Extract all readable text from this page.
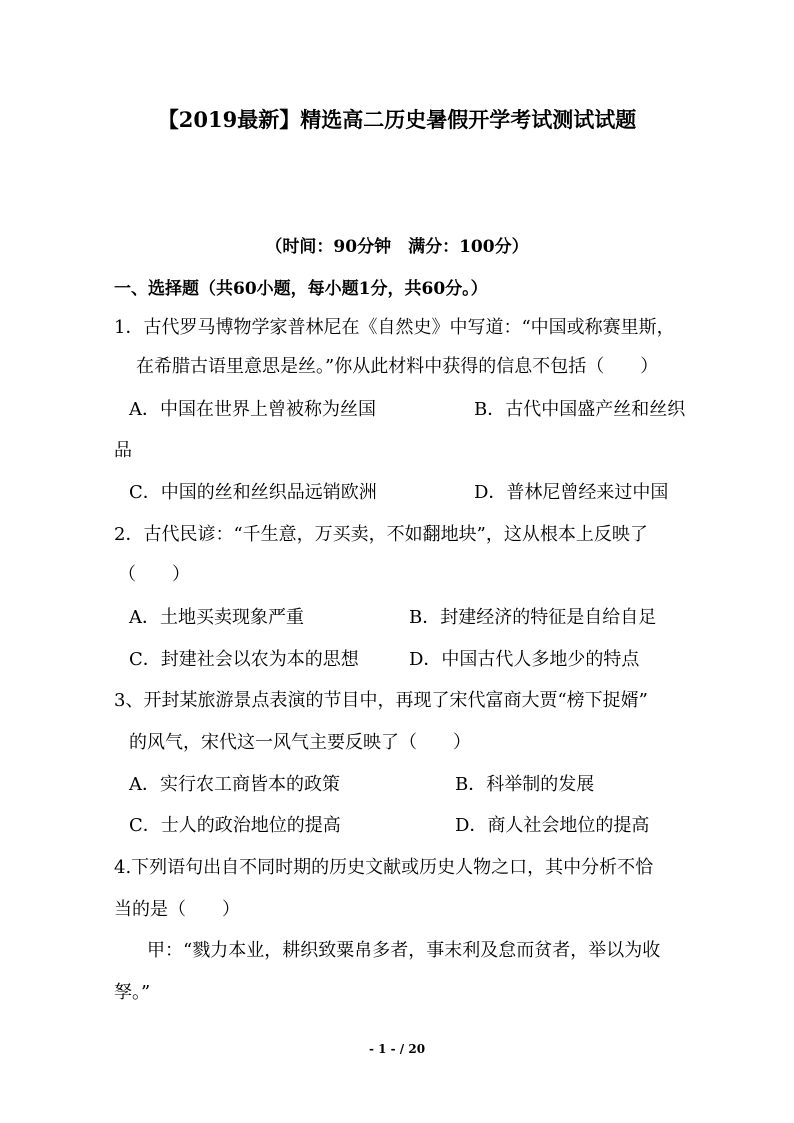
【2019最新】精选高二历史暑假开学考试测试试题
（时间：90分钟　满分：100分）
一、选择题（共60小题，每小题1分，共60分。）
1．古代罗马博物学家普林尼在《自然史》中写道：“中国或称赛里斯，
在希腊古语里意思是丝。”你从此材料中获得的信息不包括（　　）
A．中国在世界上曾被称为丝国	B．古代中国盛产丝和丝织
品
C．中国的丝和丝织品远销欧洲	D．普林尼曾经来过中国
2．古代民谚：“千生意，万买卖，不如翻地块”，这从根本上反映了
（　　）
A．土地买卖现象严重	B．封建经济的特征是自给自足
C．封建社会以农为本的思想	D．中国古代人多地少的特点
3、开封某旅游景点表演的节目中，再现了宋代富商大贾“榜下捉婿”
的风气，宋代这一风气主要反映了（　　）
A．实行农工商皆本的政策	B．科举制的发展
C．士人的政治地位的提高	D．商人社会地位的提高
4.下列语句出自不同时期的历史文献或历史人物之口，其中分析不恰
当的是（　　）
甲：“戮力本业，耕织致粟帛多者，事末利及怠而贫者，举以为收
孥。”
- 1 - / 20
